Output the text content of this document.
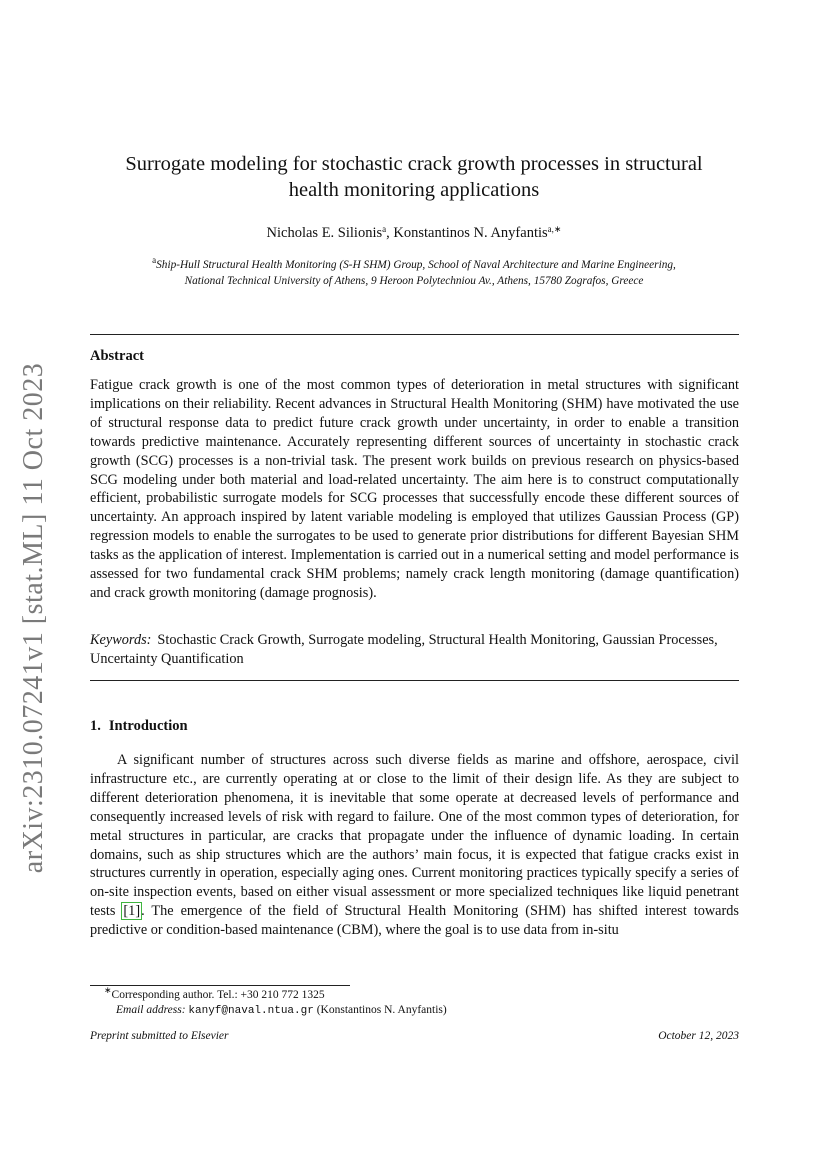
arXiv:2310.07241v1 [stat.ML] 11 Oct 2023
Surrogate modeling for stochastic crack growth processes in structural
health monitoring applications
Nicholas E. Silionis$^a$, Konstantinos N. Anyfantis$^{a,∗}$
$^a$Ship-Hull Structural Health Monitoring (S-H SHM) Group, School of Naval Architecture and Marine Engineering,
National Technical University of Athens, 9 Heroon Polytechniou Av., Athens, 15780 Zografos, Greece
Abstract
Fatigue crack growth is one of the most common types of deterioration in metal structures with significant implications on their reliability. Recent advances in Structural Health Monitoring (SHM) have motivated the use of structural response data to predict future crack growth under uncertainty, in order to enable a transition towards predictive maintenance. Accurately representing different sources of uncertainty in stochastic crack growth (SCG) processes is a non-trivial task. The present work builds on previous research on physics-based SCG modeling under both material and load-related uncertainty. The aim here is to construct computationally efficient, probabilistic surrogate models for SCG processes that successfully encode these different sources of uncertainty. An approach inspired by latent variable modeling is employed that utilizes Gaussian Process (GP) regression models to enable the surrogates to be used to generate prior distributions for different Bayesian SHM tasks as the application of interest. Implementation is carried out in a numerical setting and model performance is assessed for two fundamental crack SHM problems; namely crack length monitoring (damage quantification) and crack growth monitoring (damage prognosis).
Keywords: Stochastic Crack Growth, Surrogate modeling, Structural Health Monitoring, Gaussian Processes, Uncertainty Quantification
1. Introduction
A significant number of structures across such diverse fields as marine and offshore, aerospace, civil infrastructure etc., are currently operating at or close to the limit of their design life. As they are subject to different deterioration phenomena, it is inevitable that some operate at decreased levels of performance and consequently increased levels of risk with regard to failure. One of the most common types of deterioration, for metal structures in particular, are cracks that propagate under the influence of dynamic loading. In certain domains, such as ship structures which are the authors’ main focus, it is expected that fatigue cracks exist in structures currently in operation, especially aging ones. Current monitoring practices typically specify a series of on-site inspection events, based on either visual assessment or more specialized techniques like liquid penetrant tests [1]. The emergence of the field of Structural Health Monitoring (SHM) has shifted interest towards predictive or condition-based maintenance (CBM), where the goal is to use data from in-situ
∗Corresponding author. Tel.: +30 210 772 1325
Email address: kanyf@naval.ntua.gr (Konstantinos N. Anyfantis)
Preprint submitted to Elsevier	October 12, 2023
